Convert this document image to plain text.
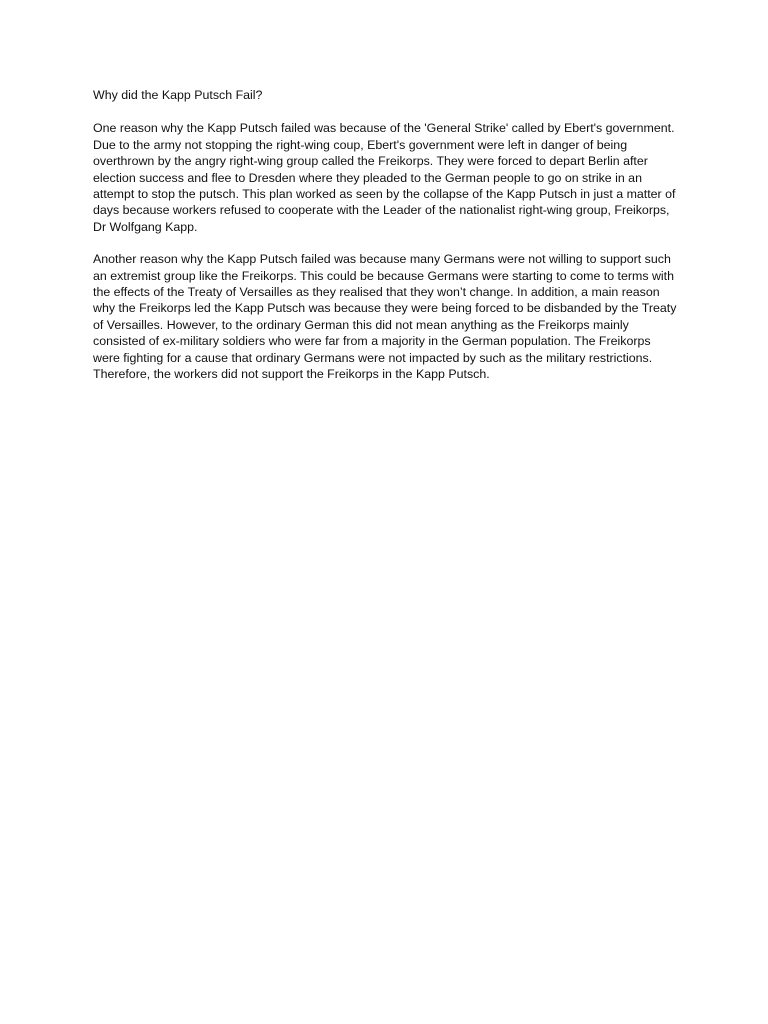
Why did the Kapp Putsch Fail?

One reason why the Kapp Putsch failed was because of the 'General Strike' called by Ebert's government. Due to the army not stopping the right-wing coup, Ebert's government were left in danger of being overthrown by the angry right-wing group called the Freikorps. They were forced to depart Berlin after election success and flee to Dresden where they pleaded to the German people to go on strike in an attempt to stop the putsch. This plan worked as seen by the collapse of the Kapp Putsch in just a matter of days because workers refused to cooperate with the Leader of the nationalist right-wing group, Freikorps, Dr Wolfgang Kapp.

Another reason why the Kapp Putsch failed was because many Germans were not willing to support such an extremist group like the Freikorps. This could be because Germans were starting to come to terms with the effects of the Treaty of Versailles as they realised that they won’t change. In addition, a main reason why the Freikorps led the Kapp Putsch was because they were being forced to be disbanded by the Treaty of Versailles. However, to the ordinary German this did not mean anything as the Freikorps mainly consisted of ex-military soldiers who were far from a majority in the German population. The Freikorps were fighting for a cause that ordinary Germans were not impacted by such as the military restrictions. Therefore, the workers did not support the Freikorps in the Kapp Putsch.
